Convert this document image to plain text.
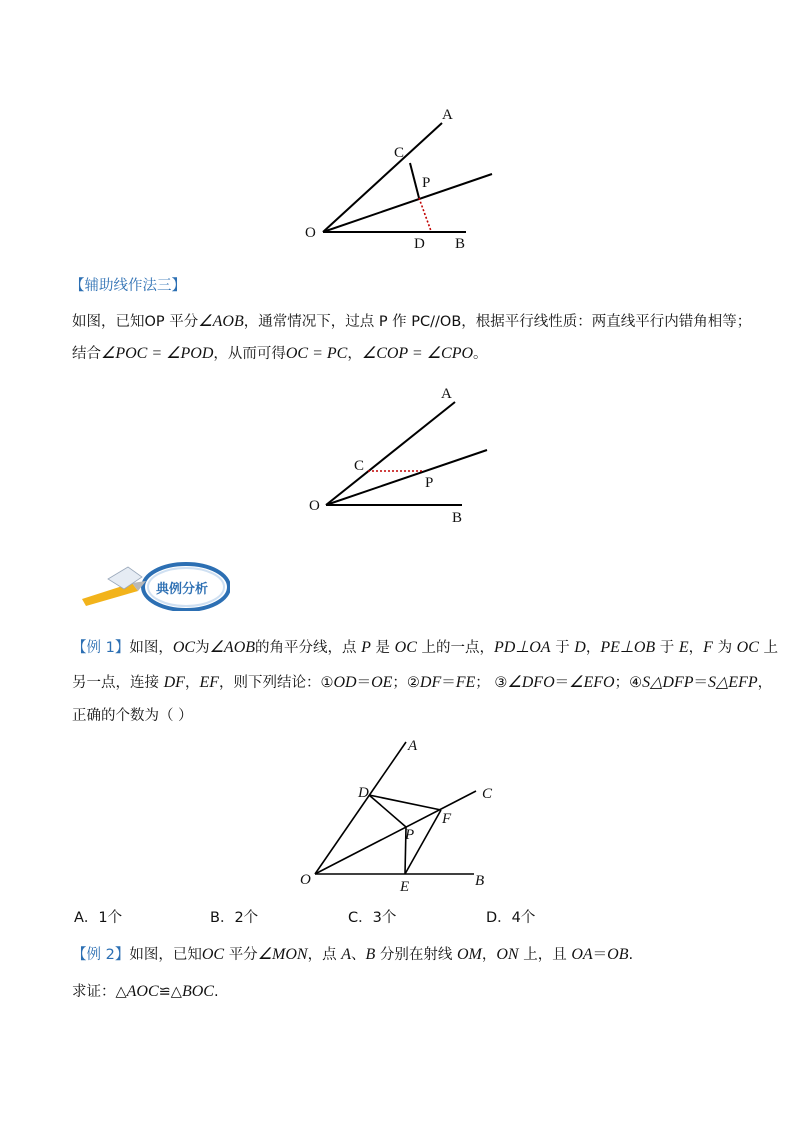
A
C
P
O
D B
【辅助线作法三】
如图，已知OP 平分∠AOB，通常情况下，过点 P 作 PC//OB，根据平行线性质：两直线平行内错角相等；
结合∠POC = ∠POD，从而可得OC = PC，∠COP = ∠CPO。
A
C
P
O
B
典例分析
【例 1】如图，OC为∠AOB的角平分线，点 P 是 OC 上的一点，PD⊥OA 于 D，PE⊥OB 于 E，F 为 OC 上
另一点，连接 DF，EF，则下列结论：①OD＝OE；②DF＝FE； ③∠DFO＝∠EFO；④S△DFP＝S△EFP，
正确的个数为（ ）
A
C
D
F
P
O	E	B
A．1个	B．2个	C．3个	D．4个
【例 2】如图，已知OC 平分∠MON，点 A、B 分别在射线 OM，ON 上，且 OA＝OB.
求证：△AOC≌△BOC.
